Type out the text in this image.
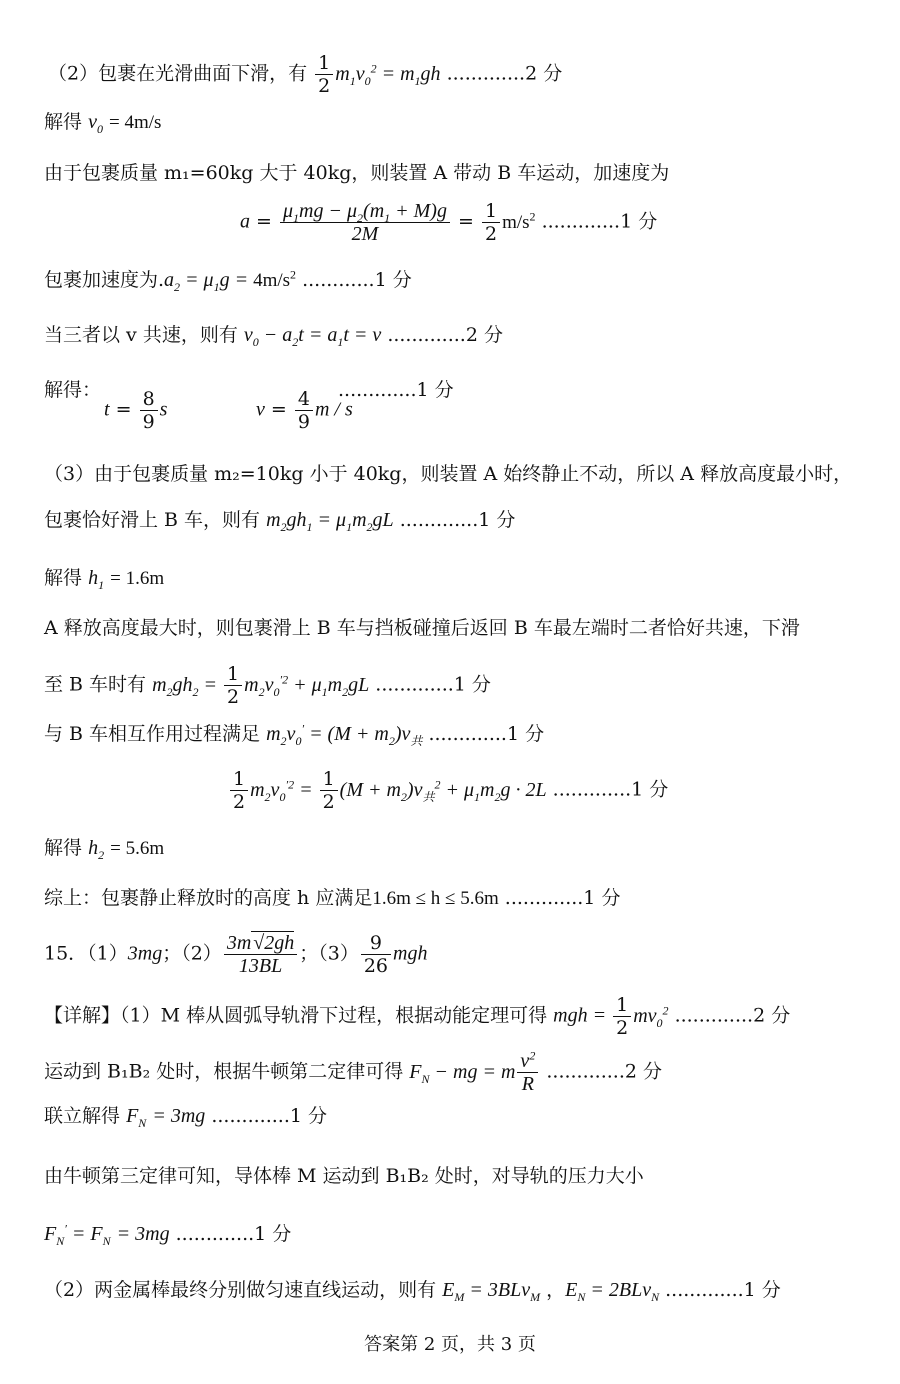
（2）包裹在光滑曲面下滑，有 $\frac{1}{2} m_1v_0^2 = m_1gh$ .............2 分
解得 $v_0 = 4m/s$
由于包裹质量 m₁=60kg 大于 40kg，则装置 A 带动 B 车运动，加速度为
$a = \frac{\mu_1mg - \mu_2(m_1 + M)g}{2M} = \frac{1}{2} m/s^2$ .............1 分
包裹加速度为$.a_2 = \mu_1g = 4m/s^2$ ............1 分
当三者以 v 共速，则有 $v_0 - a_2t = a_1t = v$ .............2 分
解得：	.............1 分
$t = \frac{8}{9}$ s	$v = \frac{4}{9}$ m / s
（3）由于包裹质量 m₂=10kg 小于 40kg，则装置 A 始终静止不动，所以 A 释放高度最小时，
包裹恰好滑上 B 车，则有 $m_2gh_1 = \mu_1m_2gL$ .............1 分
解得 $h_1 = 1.6m$
A 释放高度最大时，则包裹滑上 B 车与挡板碰撞后返回 B 车最左端时二者恰好共速，下滑
至 B 车时有 $m_2gh_2 = \frac{1}{2} m_2v_0^{'2} + \mu_1m_2gL$ .............1 分
与 B 车相互作用过程满足 $m_2v_0' = (M + m_2)v_共$ .............1 分
$\frac{1}{2} m_2v_0^{'2} = \frac{1}{2} (M + m_2)v_共^2 + \mu_1m_2g \cdot 2L$ .............1 分
解得 $h_2 = 5.6m$
综上：包裹静止释放时的高度 h 应满足1.6m ≤ h ≤ 5.6m .............1 分
15．（1）3mg；$(2) \frac{3m √2gh}{13BL}$ ；$(3) \frac{9}{26}$ mgh
【详解】（1）M 棒从圆弧导轨滑下过程，根据动能定理可得 mgh = $\frac{1}{2} mv_0^2$ .............2 分
运动到 B₁B₂ 处时，根据牛顿第二定律可得 $F_N$ − mg = m $\frac{v^2}{R} .............2$ 分
联立解得 $F_N = 3mg$ .............1 分
由牛顿第三定律可知，导体棒 M 运动到 B₁B₂ 处时，对导轨的压力大小
$F_N' = F_N = 3mg$ .............1 分
（2）两金属棒最终分别做匀速直线运动，则有 $E_M = 3BLv_M$ ，$E_N = 2BLv_N$ .............1 分
答案第 2 页，共 3 页
